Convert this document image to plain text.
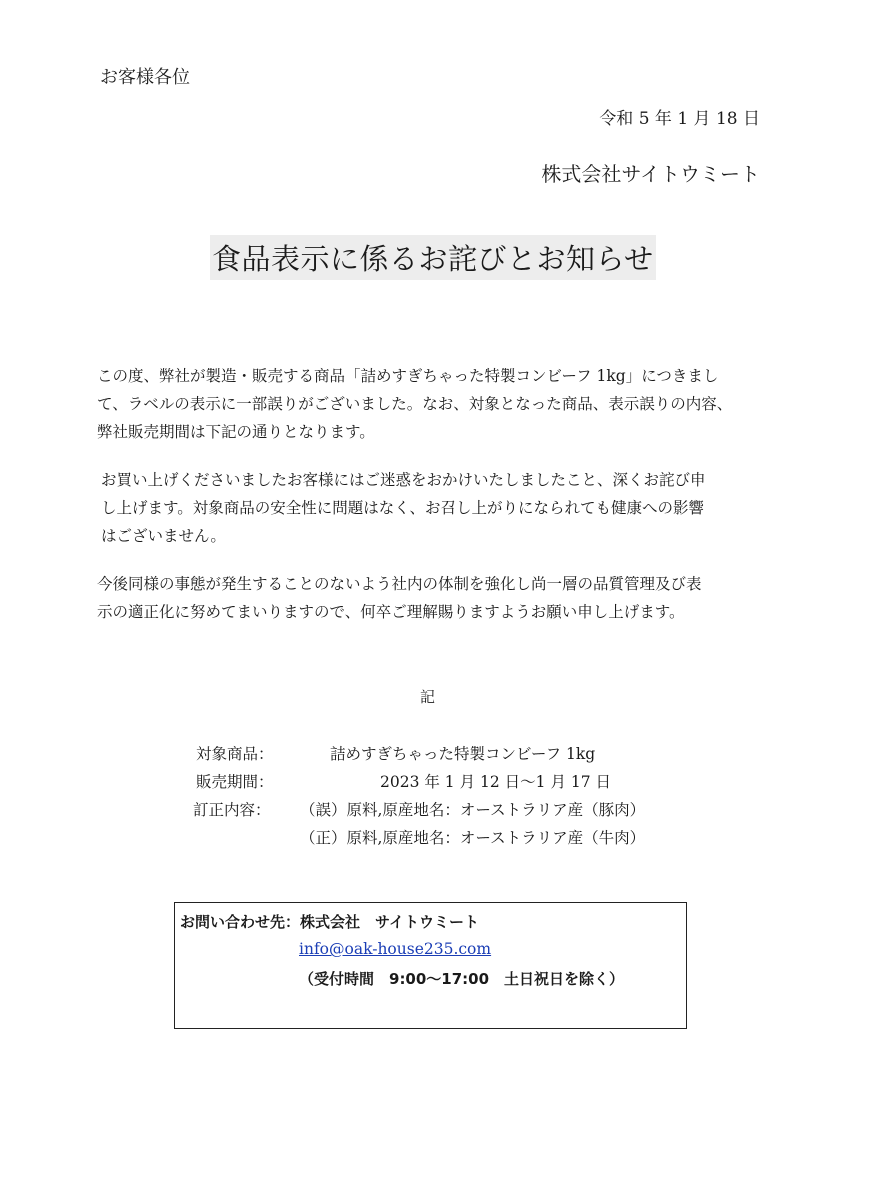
お客様各位
令和 5 年 1 月 18 日
株式会社サイトウミート
食品表示に係るお詫びとお知らせ
この度、弊社が製造・販売する商品「詰めすぎちゃった特製コンビーフ 1kg」につきまし
て、ラベルの表示に一部誤りがございました。なお、対象となった商品、表示誤りの内容、
弊社販売期間は下記の通りとなります。
お買い上げくださいましたお客様にはご迷惑をおかけいたしましたこと、深くお詫び申
し上げます。対象商品の安全性に問題はなく、お召し上がりになられても健康への影響
はございません。
今後同様の事態が発生することのないよう社内の体制を強化し尚一層の品質管理及び表
示の適正化に努めてまいりますので、何卒ご理解賜りますようお願い申し上げます。
記
対象商品：	詰めすぎちゃった特製コンビーフ 1kg
販売期間：	2023 年 1 月 12 日～1 月 17 日
訂正内容： （誤）原料,原産地名：オーストラリア産（豚肉）
（正）原料,原産地名：オーストラリア産（牛肉）
お問い合わせ先：株式会社　サイトウミート
info@oak-house235.com
（受付時間　9:00～17:00　土日祝日を除く）
